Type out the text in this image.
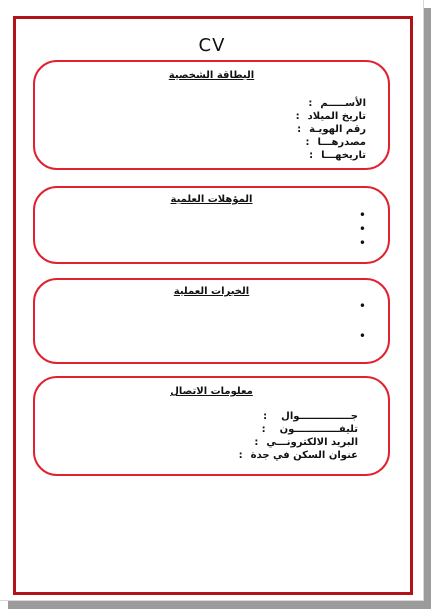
CV
البطاقة الشخصية
الأســـــم:
تاريخ الميلاد:
رقم الهويـة:
مصدرهـــا:
تاريخهـــا:
المؤهلات العلمية
•
•
•
الخبرات العملية
•
•
معلومات الاتصال
جـــــــــــــــوال:
تليفـــــــــــــون:
البريد الالكترونـــي:
عنوان السكن في جدة:
